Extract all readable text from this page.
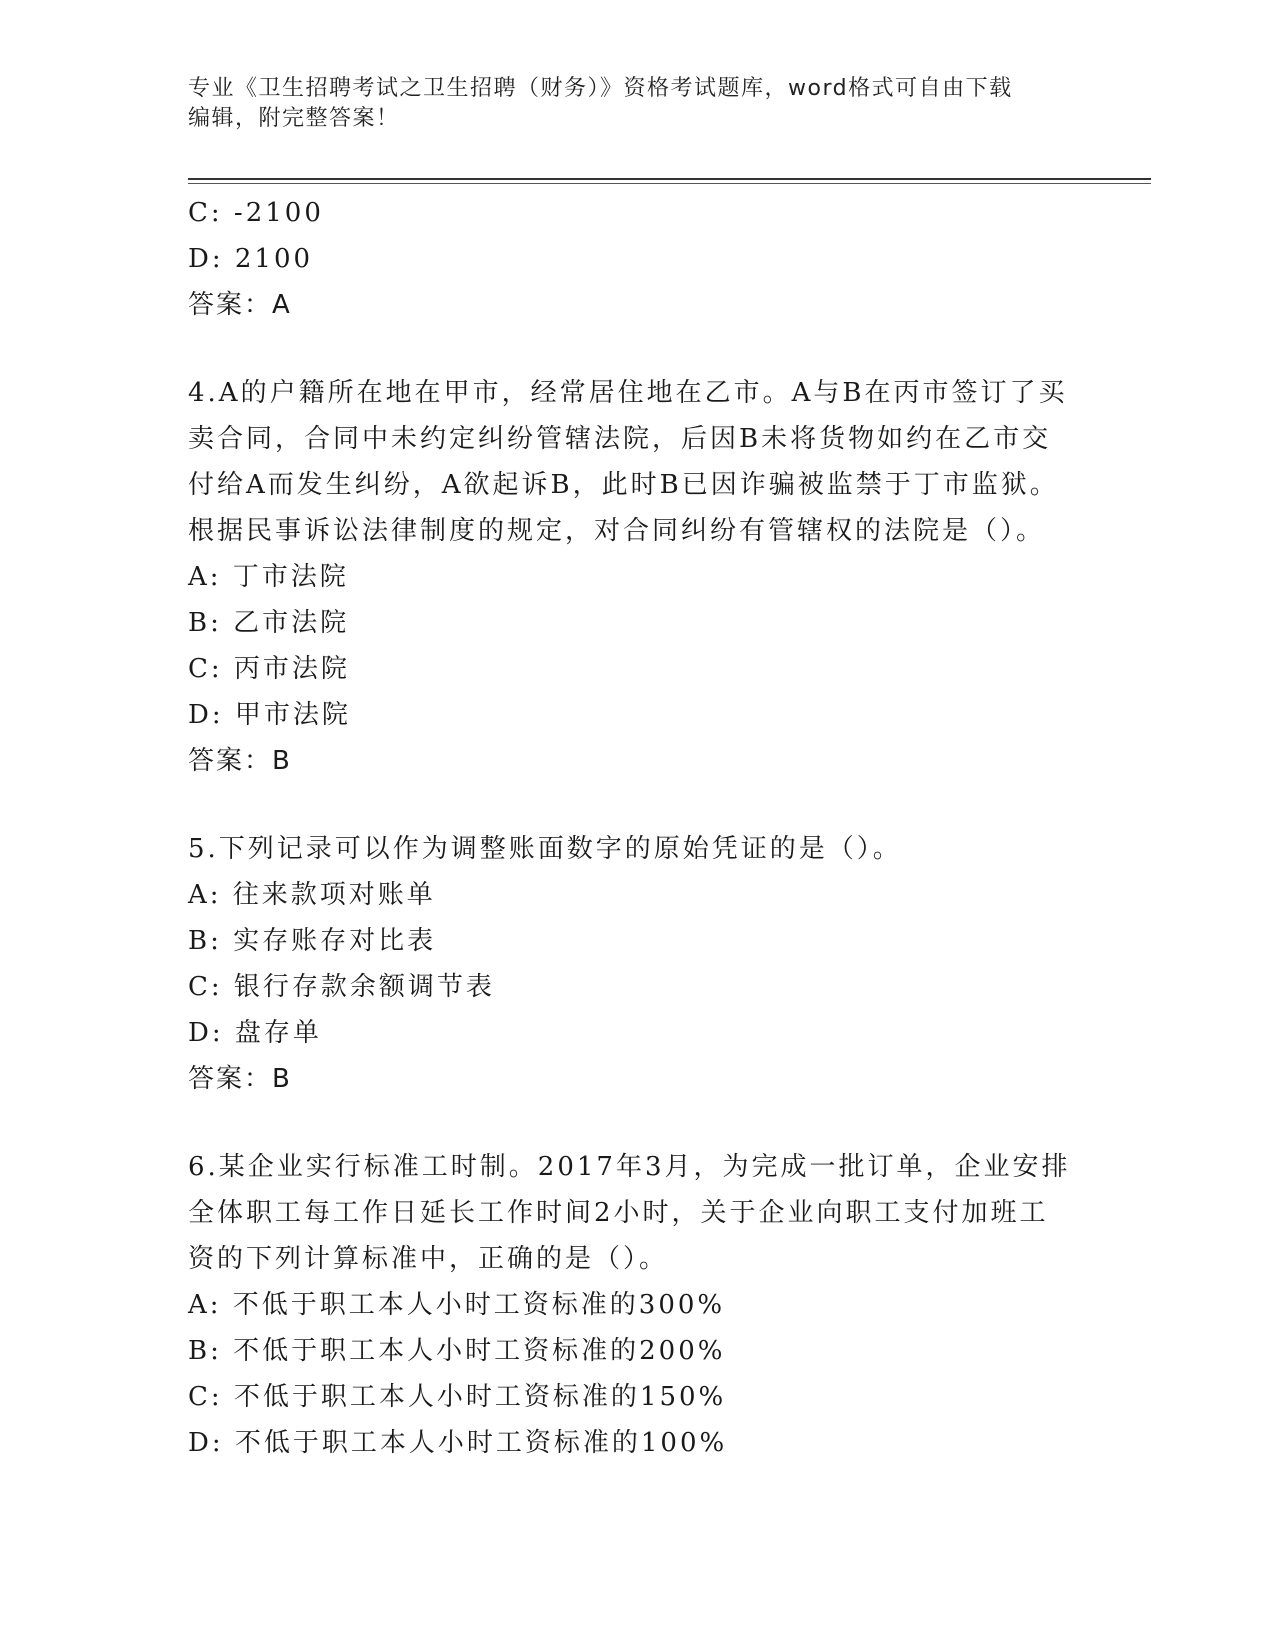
专业《卫生招聘考试之卫生招聘（财务）》资格考试题库，word格式可自由下载
编辑，附完整答案！
C: -2100
D: 2100
答案：A
4.A的户籍所在地在甲市，经常居住地在乙市。A与B在丙市签订了买
卖合同，合同中未约定纠纷管辖法院，后因B未将货物如约在乙市交
付给A而发生纠纷，A欲起诉B，此时B已因诈骗被监禁于丁市监狱。
根据民事诉讼法律制度的规定，对合同纠纷有管辖权的法院是（）。
A: 丁市法院
B: 乙市法院
C: 丙市法院
D: 甲市法院
答案：B
5.下列记录可以作为调整账面数字的原始凭证的是（）。
A: 往来款项对账单
B: 实存账存对比表
C: 银行存款余额调节表
D: 盘存单
答案：B
6.某企业实行标准工时制。2017年3月，为完成一批订单，企业安排
全体职工每工作日延长工作时间2小时，关于企业向职工支付加班工
资的下列计算标准中，正确的是（）。
A: 不低于职工本人小时工资标准的300%
B: 不低于职工本人小时工资标准的200%
C: 不低于职工本人小时工资标准的150%
D: 不低于职工本人小时工资标准的100%
